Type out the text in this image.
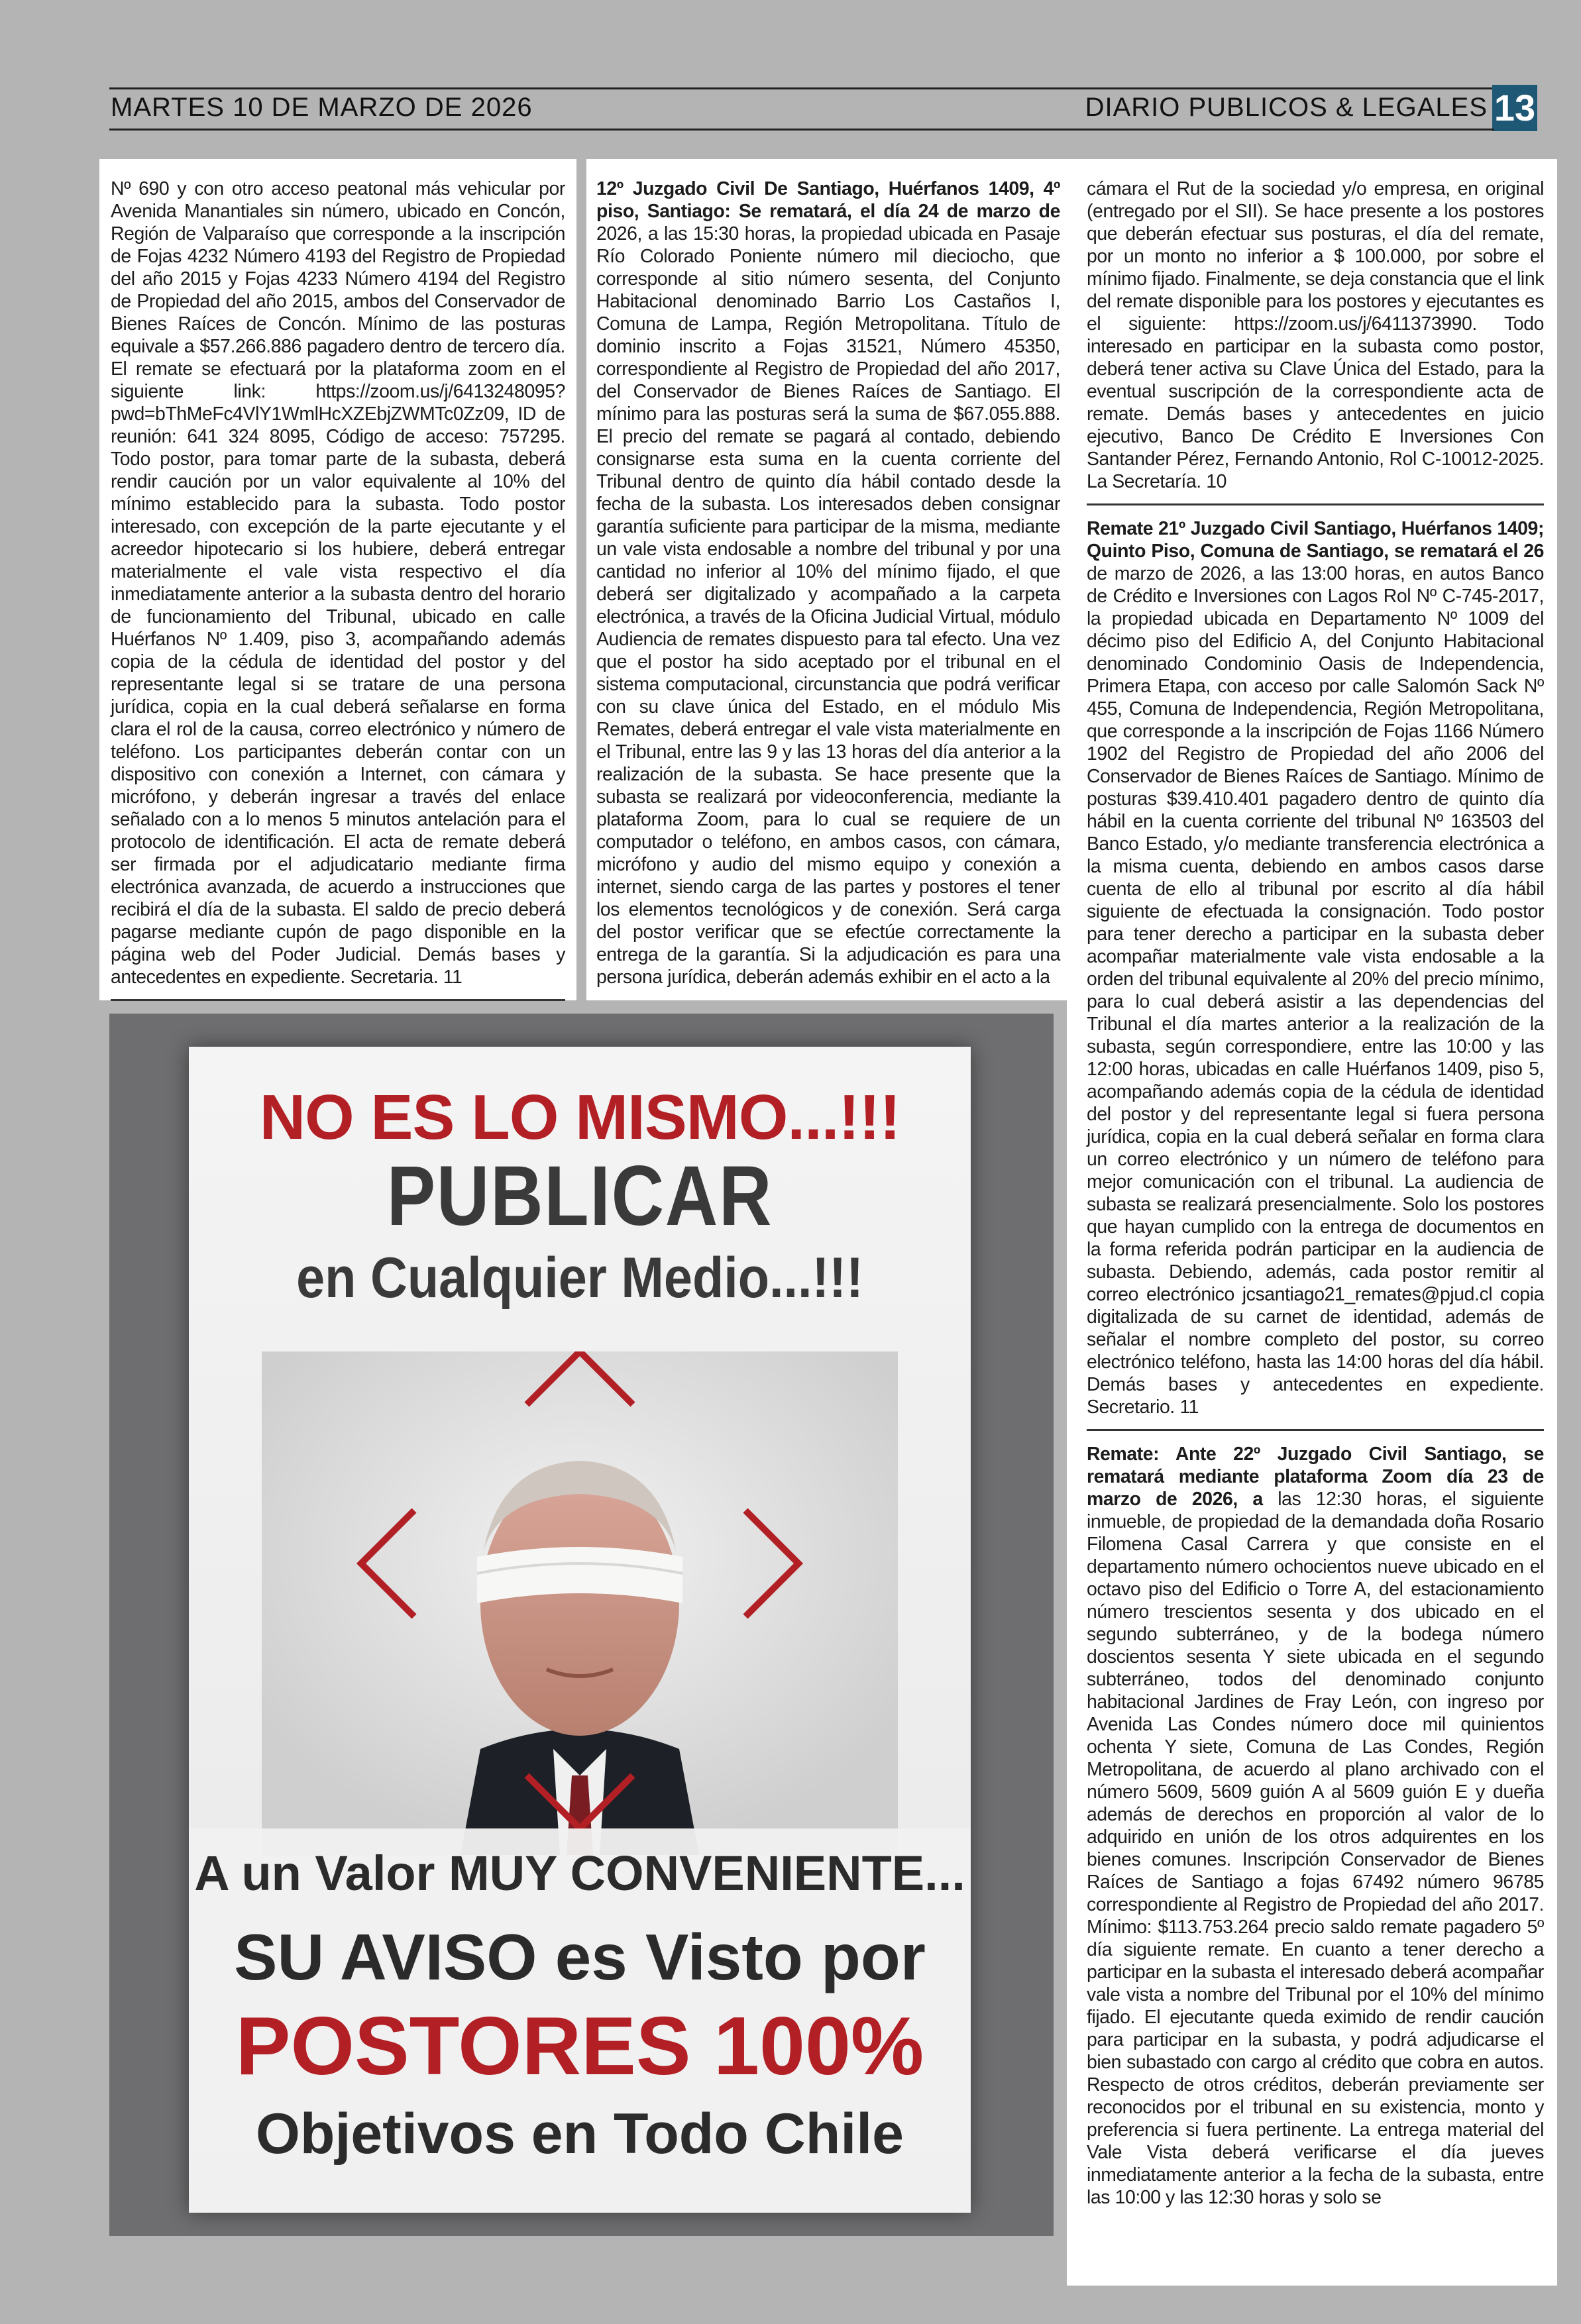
MARTES 10 DE MARZO DE 2026	DIARIO PUBLICOS & LEGALES 13

Nº 690 y con otro acceso peatonal más vehicular por Avenida Manantiales sin número, ubicado en Concón, Región de Valparaíso que corresponde a la inscripción de Fojas 4232 Número 4193 del Registro de Propiedad del año 2015 y Fojas 4233 Número 4194 del Registro de Propiedad del año 2015, ambos del Conservador de Bienes Raíces de Concón. Mínimo de las posturas equivale a $57.266.886 pagadero dentro de tercero día. El remate se efectuará por la plataforma zoom en el siguiente link: https://zoom.us/j/6413248095?pwd=bThMeFc4VlY1WmlHcXZEbjZWMTc0Zz09, ID de reunión: 641 324 8095, Código de acceso: 757295. Todo postor, para tomar parte de la subasta, deberá rendir caución por un valor equivalente al 10% del mínimo establecido para la subasta. Todo postor interesado, con excepción de la parte ejecutante y el acreedor hipotecario si los hubiere, deberá entregar materialmente el vale vista respectivo el día inmediatamente anterior a la subasta dentro del horario de funcionamiento del Tribunal, ubicado en calle Huérfanos Nº 1.409, piso 3, acompañando además copia de la cédula de identidad del postor y del representante legal si se tratare de una persona jurídica, copia en la cual deberá señalarse en forma clara el rol de la causa, correo electrónico y número de teléfono. Los participantes deberán contar con un dispositivo con conexión a Internet, con cámara y micrófono, y deberán ingresar a través del enlace señalado con a lo menos 5 minutos antelación para el protocolo de identificación. El acta de remate deberá ser firmada por el adjudicatario mediante firma electrónica avanzada, de acuerdo a instrucciones que recibirá el día de la subasta. El saldo de precio deberá pagarse mediante cupón de pago disponible en la página web del Poder Judicial. Demás bases y antecedentes en expediente. Secretaria. 11

12º Juzgado Civil De Santiago, Huérfanos 1409, 4º piso, Santiago: Se rematará, el día 24 de marzo de 2026, a las 15:30 horas, la propiedad ubicada en Pasaje Río Colorado Poniente número mil dieciocho, que corresponde al sitio número sesenta, del Conjunto Habitacional denominado Barrio Los Castaños I, Comuna de Lampa, Región Metropolitana. Título de dominio inscrito a Fojas 31521, Número 45350, correspondiente al Registro de Propiedad del año 2017, del Conservador de Bienes Raíces de Santiago. El mínimo para las posturas será la suma de $67.055.888. El precio del remate se pagará al contado, debiendo consignarse esta suma en la cuenta corriente del Tribunal dentro de quinto día hábil contado desde la fecha de la subasta. Los interesados deben consignar garantía suficiente para participar de la misma, mediante un vale vista endosable a nombre del tribunal y por una cantidad no inferior al 10% del mínimo fijado, el que deberá ser digitalizado y acompañado a la carpeta electrónica, a través de la Oficina Judicial Virtual, módulo Audiencia de remates dispuesto para tal efecto. Una vez que el postor ha sido aceptado por el tribunal en el sistema computacional, circunstancia que podrá verificar con su clave única del Estado, en el módulo Mis Remates, deberá entregar el vale vista materialmente en el Tribunal, entre las 9 y las 13 horas del día anterior a la realización de la subasta. Se hace presente que la subasta se realizará por videoconferencia, mediante la plataforma Zoom, para lo cual se requiere de un computador o teléfono, en ambos casos, con cámara, micrófono y audio del mismo equipo y conexión a internet, siendo carga de las partes y postores el tener los elementos tecnológicos y de conexión. Será carga del postor verificar que se efectúe correctamente la entrega de la garantía. Si la adjudicación es para una persona jurídica, deberán además exhibir en el acto a la

cámara el Rut de la sociedad y/o empresa, en original (entregado por el SII). Se hace presente a los postores que deberán efectuar sus posturas, el día del remate, por un monto no inferior a $ 100.000, por sobre el mínimo fijado. Finalmente, se deja constancia que el link del remate disponible para los postores y ejecutantes es el siguiente: https://zoom.us/j/6411373990. Todo interesado en participar en la subasta como postor, deberá tener activa su Clave Única del Estado, para la eventual suscripción de la correspondiente acta de remate. Demás bases y antecedentes en juicio ejecutivo, Banco De Crédito E Inversiones Con Santander Pérez, Fernando Antonio, Rol C-10012-2025. La Secretaría. 10

Remate 21º Juzgado Civil Santiago, Huérfanos 1409; Quinto Piso, Comuna de Santiago, se rematará el 26 de marzo de 2026, a las 13:00 horas, en autos Banco de Crédito e Inversiones con Lagos Rol Nº C-745-2017, la propiedad ubicada en Departamento Nº 1009 del décimo piso del Edificio A, del Conjunto Habitacional denominado Condominio Oasis de Independencia, Primera Etapa, con acceso por calle Salomón Sack Nº 455, Comuna de Independencia, Región Metropolitana, que corresponde a la inscripción de Fojas 1166 Número 1902 del Registro de Propiedad del año 2006 del Conservador de Bienes Raíces de Santiago. Mínimo de posturas $39.410.401 pagadero dentro de quinto día hábil en la cuenta corriente del tribunal Nº 163503 del Banco Estado, y/o mediante transferencia electrónica a la misma cuenta, debiendo en ambos casos darse cuenta de ello al tribunal por escrito al día hábil siguiente de efectuada la consignación. Todo postor para tener derecho a participar en la subasta deber acompañar materialmente vale vista endosable a la orden del tribunal equivalente al 20% del precio mínimo, para lo cual deberá asistir a las dependencias del Tribunal el día martes anterior a la realización de la subasta, según correspondiere, entre las 10:00 y las 12:00 horas, ubicadas en calle Huérfanos 1409, piso 5, acompañando además copia de la cédula de identidad del postor y del representante legal si fuera persona jurídica, copia en la cual deberá señalar en forma clara un correo electrónico y un número de teléfono para mejor comunicación con el tribunal. La audiencia de subasta se realizará presencialmente. Solo los postores que hayan cumplido con la entrega de documentos en la forma referida podrán participar en la audiencia de subasta. Debiendo, además, cada postor remitir al correo electrónico jcsantiago21_remates@pjud.cl copia digitalizada de su carnet de identidad, además de señalar el nombre completo del postor, su correo electrónico teléfono, hasta las 14:00 horas del día hábil. Demás bases y antecedentes en expediente. Secretario. 11

Remate: Ante 22º Juzgado Civil Santiago, se rematará mediante plataforma Zoom día 23 de marzo de 2026, a las 12:30 horas, el siguiente inmueble, de propiedad de la demandada doña Rosario Filomena Casal Carrera y que consiste en el departamento número ochocientos nueve ubicado en el octavo piso del Edificio o Torre A, del estacionamiento número trescientos sesenta y dos ubicado en el segundo subterráneo, y de la bodega número doscientos sesenta Y siete ubicada en el segundo subterráneo, todos del denominado conjunto habitacional Jardines de Fray León, con ingreso por Avenida Las Condes número doce mil quinientos ochenta Y siete, Comuna de Las Condes, Región Metropolitana, de acuerdo al plano archivado con el número 5609, 5609 guión A al 5609 guión E y dueña además de derechos en proporción al valor de lo adquirido en unión de los otros adquirentes en los bienes comunes. Inscripción Conservador de Bienes Raíces de Santiago a fojas 67492 número 96785 correspondiente al Registro de Propiedad del año 2017. Mínimo: $113.753.264 precio saldo remate pagadero 5º día siguiente remate. En cuanto a tener derecho a participar en la subasta el interesado deberá acompañar vale vista a nombre del Tribunal por el 10% del mínimo fijado. El ejecutante queda eximido de rendir caución para participar en la subasta, y podrá adjudicarse el bien subastado con cargo al crédito que cobra en autos. Respecto de otros créditos, deberán previamente ser reconocidos por el tribunal en su existencia, monto y preferencia si fuera pertinente. La entrega material del Vale Vista deberá verificarse el día jueves inmediatamente anterior a la fecha de la subasta, entre las 10:00 y las 12:30 horas y solo se

NO ES LO MISMO...!!!
PUBLICAR
en Cualquier Medio...!!!
A un Valor MUY CONVENIENTE...
SU AVISO es Visto por
POSTORES 100%
Objetivos en Todo Chile
